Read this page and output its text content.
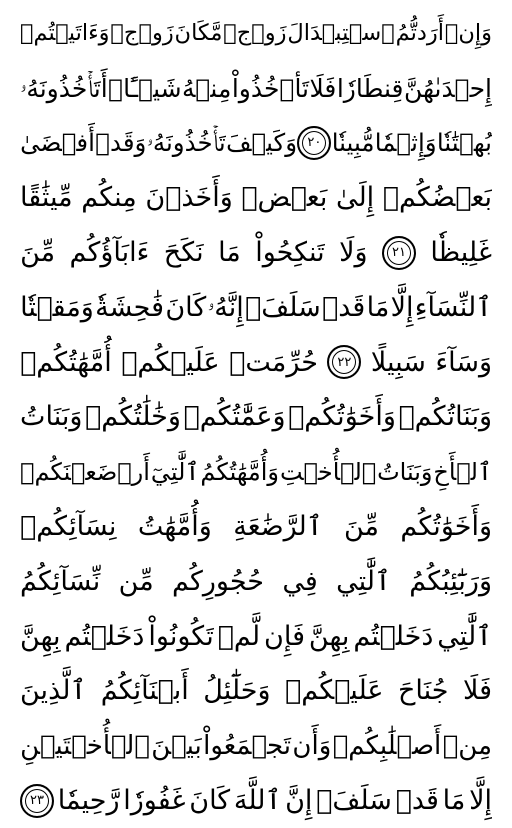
وَإِنۡ
أَرَدتُّمُ
ٱسۡتِبۡدَالَ
زَوۡجٖ
مَّكَانَ
زَوۡجٖ
وَءَاتَيۡتُمۡ
إِحۡدَىٰهُنَّ
قِنطَارٗا
فَلَا
تَأۡخُذُواْ
مِنۡهُ
شَيۡـًٔاۚ
أَتَأۡخُذُونَهُۥ
بُهۡتَٰنٗا
وَإِثۡمٗا
مُّبِينٗا
٢٠
وَكَيۡفَ
تَأۡخُذُونَهُۥ
وَقَدۡ
أَفۡضَىٰ
بَعۡضُكُمۡ
إِلَىٰ
بَعۡضٖ
وَأَخَذۡنَ
مِنكُم
مِّيثَٰقًا
غَلِيظٗا
٢١
وَلَا
تَنكِحُواْ
مَا
نَكَحَ
ءَابَآؤُكُم
مِّنَ
ٱلنِّسَآءِ
إِلَّا
مَا
قَدۡ
سَلَفَۚ
إِنَّهُۥ
كَانَ
فَٰحِشَةٗ
وَمَقۡتٗا
وَسَآءَ
سَبِيلًا
٢٢
حُرِّمَتۡ
عَلَيۡكُمۡ
أُمَّهَٰتُكُمۡ
وَبَنَاتُكُمۡ
وَأَخَوَٰتُكُمۡ
وَعَمَّٰتُكُمۡ
وَخَٰلَٰتُكُمۡ
وَبَنَاتُ
ٱلۡأَخِ
وَبَنَاتُ
ٱلۡأُخۡتِ
وَأُمَّهَٰتُكُمُ
ٱلَّٰتِيٓ
أَرۡضَعۡنَكُمۡ
وَأَخَوَٰتُكُم
مِّنَ
ٱلرَّضَٰعَةِ
وَأُمَّهَٰتُ
نِسَآئِكُمۡ
وَرَبَٰٓئِبُكُمُ
ٱلَّٰتِي
فِي
حُجُورِكُم
مِّن
نِّسَآئِكُمُ
ٱلَّٰتِي
دَخَلۡتُم
بِهِنَّ
فَإِن
لَّمۡ
تَكُونُواْ
دَخَلۡتُم
بِهِنَّ
فَلَا
جُنَاحَ
عَلَيۡكُمۡ
وَحَلَٰٓئِلُ
أَبۡنَآئِكُمُ
ٱلَّذِينَ
مِنۡ
أَصۡلَٰبِكُمۡ
وَأَن
تَجۡمَعُواْ
بَيۡنَ
ٱلۡأُخۡتَيۡنِ
إِلَّا
مَا
قَدۡ
سَلَفَۗ
إِنَّ
ٱللَّهَ
كَانَ
غَفُورٗا
رَّحِيمٗا
٢٣
